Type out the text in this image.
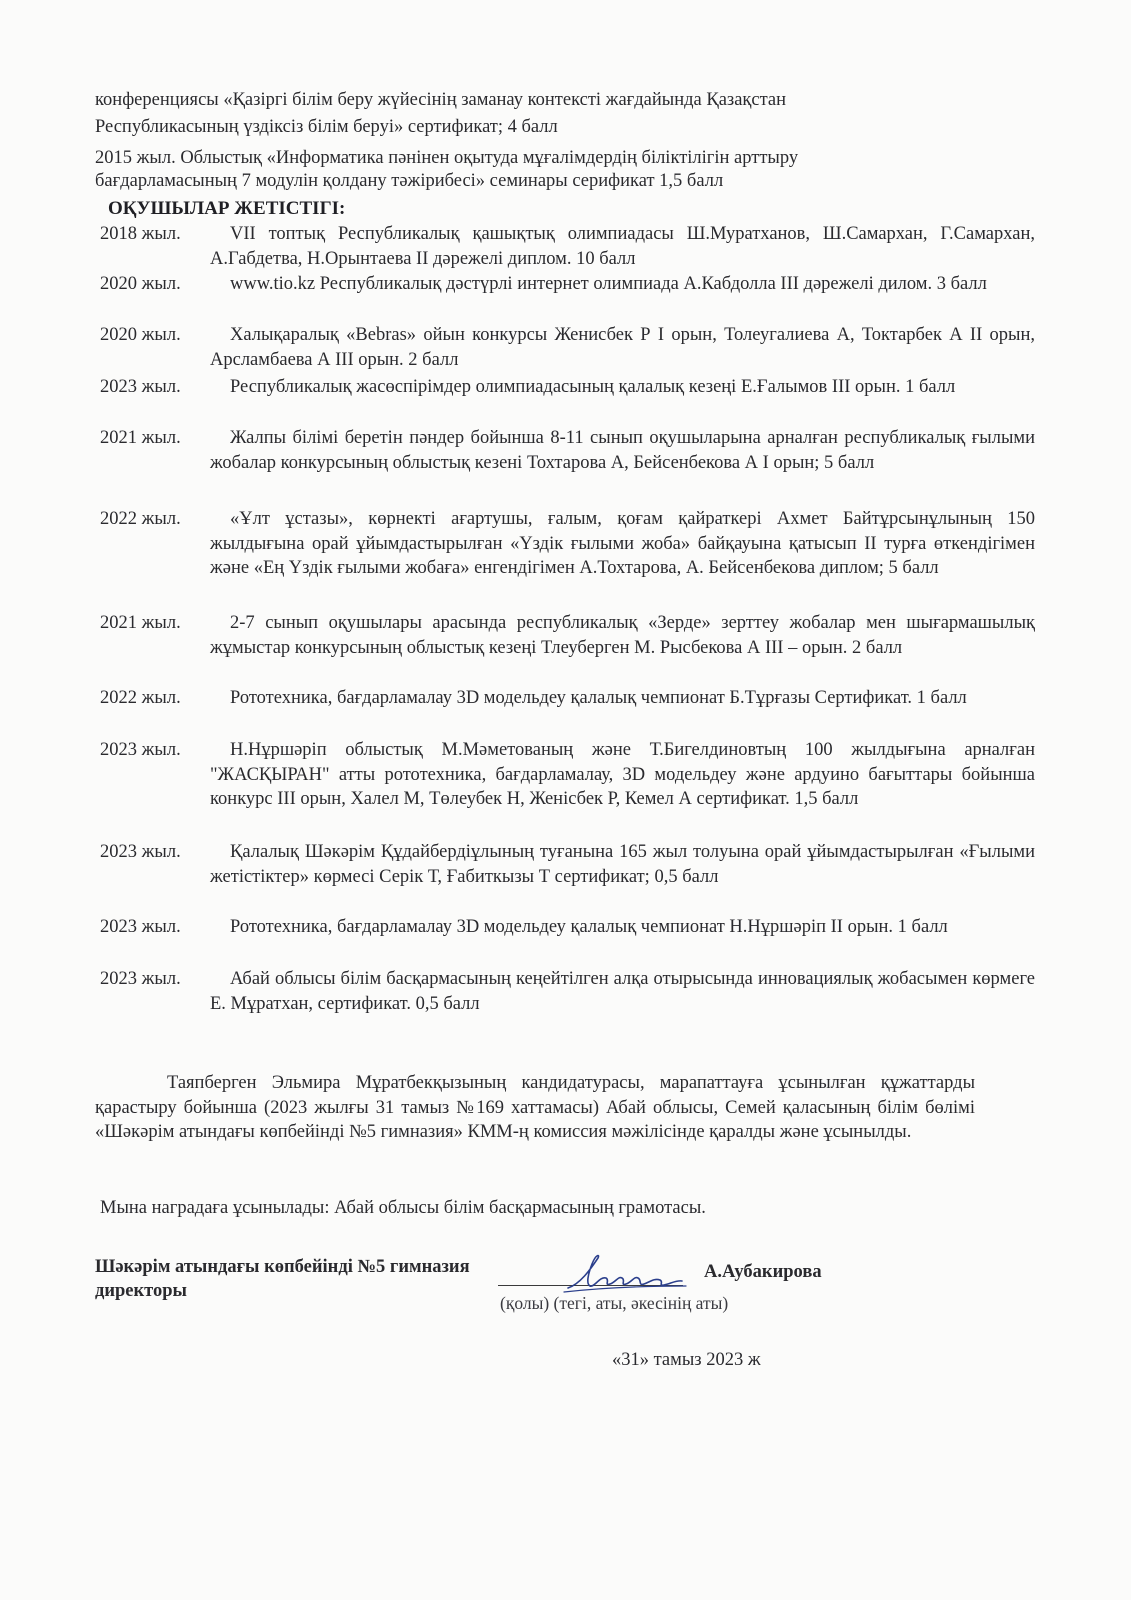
конференциясы «Қазіргі білім беру жүйесінің заманау контексті жағдайында Қазақстан
Республикасының үздіксіз білім беруі» сертификат; 4 балл
2015 жыл. Облыстық «Информатика пәнінен оқытуда мұғалімдердің біліктілігін арттыру
бағдарламасының 7 модулін қолдану тәжірибесі» семинары серификат 1,5 балл
ОҚУШЫЛАР ЖЕТІСТІГІ:
2018 жыл.	VII топтық Республикалық қашықтық олимпиадасы Ш.Муратханов, Ш.Самархан, Г.Самархан, А.Габдетва, Н.Орынтаева II дәрежелі диплом. 10 балл
2020 жыл.	www.tio.kz Республикалық дәстүрлі интернет олимпиада А.Кабдолла III дәрежелі дилом. 3 балл
2020 жыл.	Халықаралық «Bebras» ойын конкурсы Женисбек Р I орын, Толеугалиева А, Токтарбек А II орын, Арсламбаева А III орын. 2 балл
2023 жыл.	Республикалық жасөспірімдер олимпиадасының қалалық кезеңі Е.Ғалымов III орын. 1 балл
2021 жыл.	Жалпы білімі беретін пәндер бойынша 8-11 сынып оқушыларына арналған республикалық ғылыми жобалар конкурсының облыстық кезені Тохтарова А, Бейсенбекова А I орын; 5 балл
2022 жыл.	«Ұлт ұстазы», көрнекті ағартушы, ғалым, қоғам қайраткері Ахмет Байтұрсынұлының 150 жылдығына орай ұйымдастырылған «Үздік ғылыми жоба» байқауына қатысып II турға өткендігімен және «Ең Үздік ғылыми жобаға» енгендігімен А.Тохтарова, А. Бейсенбекова диплом; 5 балл
2021 жыл.	2-7 сынып оқушылары арасында республикалық «Зерде» зерттеу жобалар мен шығармашылық жұмыстар конкурсының облыстық кезеңі Тлеуберген М. Рысбекова А III – орын. 2 балл
2022 жыл.	Рототехника, бағдарламалау 3D модельдеу қалалық чемпионат Б.Тұрғазы Сертификат. 1 балл
2023 жыл.	Н.Нұршәріп облыстық М.Мәметованың және Т.Бигелдиновтың 100 жылдығына арналған "ЖАСҚЫРАН" атты рототехника, бағдарламалау, 3D модельдеу және ардуино бағыттары бойынша конкурс III орын, Халел М, Төлеубек Н, Женісбек Р, Кемел А сертификат. 1,5 балл
2023 жыл.	Қалалық Шәкәрім Құдайбердіұлының туғанына 165 жыл толуына орай ұйымдастырылған «Ғылыми жетістіктер» көрмесі Серік Т, Ғабиткызы Т сертификат; 0,5 балл
2023 жыл.	Рототехника, бағдарламалау 3D модельдеу қалалық чемпионат Н.Нұршәріп II орын. 1 балл
2023 жыл.	Абай облысы білім басқармасының кеңейтілген алқа отырысында инновациялық жобасымен көрмеге Е. Мұратхан, сертификат. 0,5 балл
Таяпберген Эльмира Мұратбекқызының кандидатурасы, марапаттауға ұсынылған құжаттарды қарастыру бойынша (2023 жылғы 31 тамыз №169 хаттамасы) Абай облысы, Семей қаласының білім бөлімі «Шәкәрім атындағы көпбейінді №5 гимназия» КММ-ң комиссия мәжілісінде қаралды және ұсынылды.
Мына наградаға ұсынылады: Абай облысы білім басқармасының грамотасы.
Шәкәрім атындағы көпбейінді №5 гимназия
директоры
А.Аубакирова
(қолы) (тегі, аты, әкесінің аты)
«31» тамыз 2023 ж
